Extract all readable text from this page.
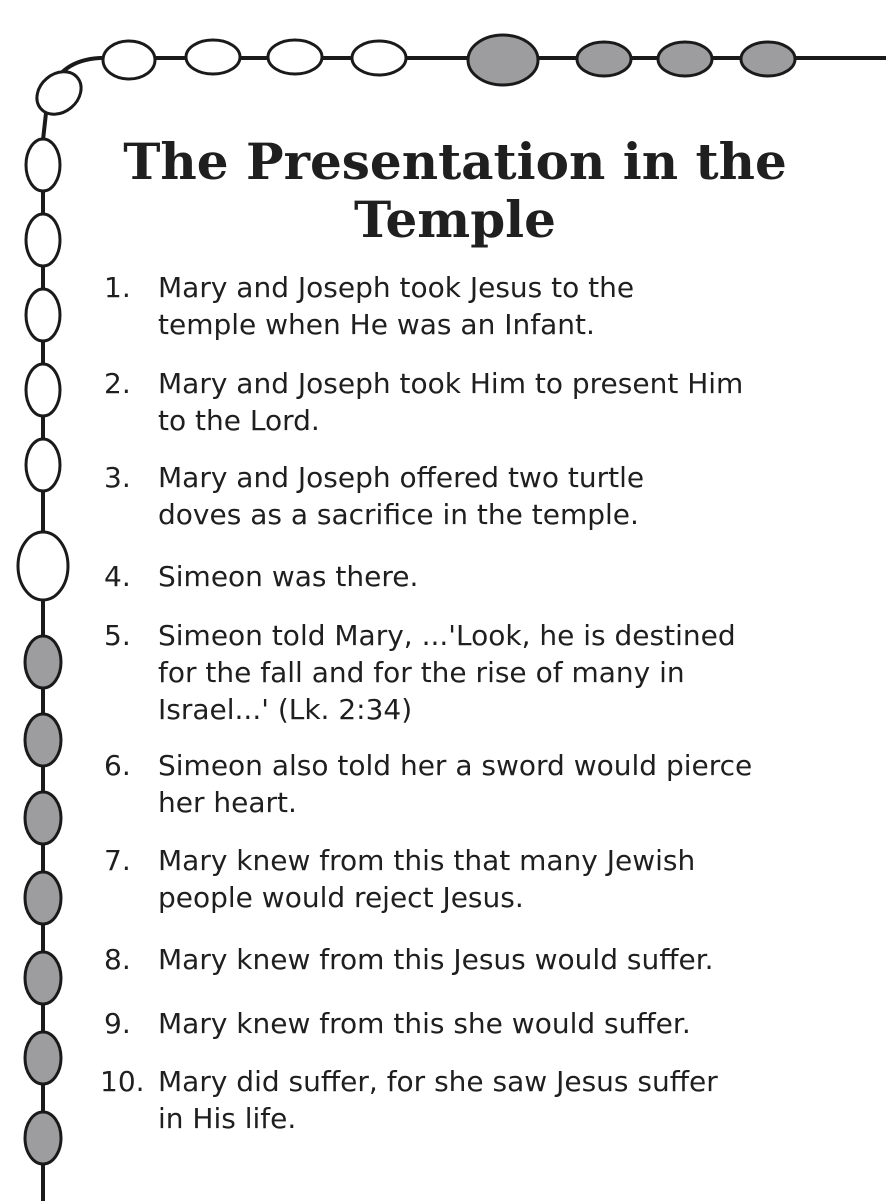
The Presentation in the
Temple
1. Mary and Joseph took Jesus to the
temple when He was an Infant.
2. Mary and Joseph took Him to present Him
to the Lord.
3. Mary and Joseph offered two turtle
doves as a sacrifice in the temple.
4. Simeon was there.
5. Simeon told Mary, ...'Look, he is destined
for the fall and for the rise of many in
Israel...' (Lk. 2:34)
6. Simeon also told her a sword would pierce
her heart.
7. Mary knew from this that many Jewish
people would reject Jesus.
8. Mary knew from this Jesus would suffer.
9. Mary knew from this she would suffer.
10. Mary did suffer, for she saw Jesus suffer
in His life.
